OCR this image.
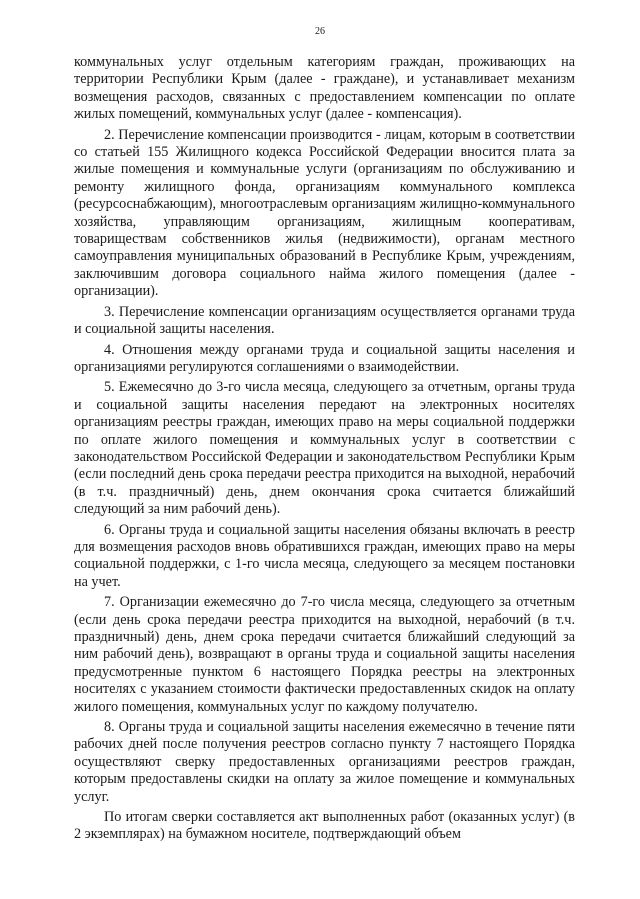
26

коммунальных услуг отдельным категориям граждан, проживающих на территории Республики Крым (далее - граждане), и устанавливает механизм возмещения расходов, связанных с предоставлением компенсации по оплате жилых помещений, коммунальных услуг (далее - компенсация).

2. Перечисление компенсации производится - лицам, которым в соответствии со статьей 155 Жилищного кодекса Российской Федерации вносится плата за жилые помещения и коммунальные услуги (организациям по обслуживанию и ремонту жилищного фонда, организациям коммунального комплекса (ресурсоснабжающим), многоотраслевым организациям жилищно-коммунального хозяйства, управляющим организациям, жилищным кооперативам, товариществам собственников жилья (недвижимости), органам местного самоуправления муниципальных образований в Республике Крым, учреждениям, заключившим договора социального найма жилого помещения (далее - организации).

3. Перечисление компенсации организациям осуществляется органами труда и социальной защиты населения.

4. Отношения между органами труда и социальной защиты населения и организациями регулируются соглашениями о взаимодействии.

5. Ежемесячно до 3-го числа месяца, следующего за отчетным, органы труда и социальной защиты населения передают на электронных носителях организациям реестры граждан, имеющих право на меры социальной поддержки по оплате жилого помещения и коммунальных услуг в соответствии с законодательством Российской Федерации и законодательством Республики Крым (если последний день срока передачи реестра приходится на выходной, нерабочий (в т.ч. праздничный) день, днем окончания срока считается ближайший следующий за ним рабочий день).

6. Органы труда и социальной защиты населения обязаны включать в реестр для возмещения расходов вновь обратившихся граждан, имеющих право на меры социальной поддержки, с 1-го числа месяца, следующего за месяцем постановки на учет.

7. Организации ежемесячно до 7-го числа месяца, следующего за отчетным (если день срока передачи реестра приходится на выходной, нерабочий (в т.ч. праздничный) день, днем срока передачи считается ближайший следующий за ним рабочий день), возвращают в органы труда и социальной защиты населения предусмотренные пунктом 6 настоящего Порядка реестры на электронных носителях с указанием стоимости фактически предоставленных скидок на оплату жилого помещения, коммунальных услуг по каждому получателю.

8. Органы труда и социальной защиты населения ежемесячно в течение пяти рабочих дней после получения реестров согласно пункту 7 настоящего Порядка осуществляют сверку предоставленных организациями реестров граждан, которым предоставлены скидки на оплату за жилое помещение и коммунальных услуг.

По итогам сверки составляется акт выполненных работ (оказанных услуг) (в 2 экземплярах) на бумажном носителе, подтверждающий объем
